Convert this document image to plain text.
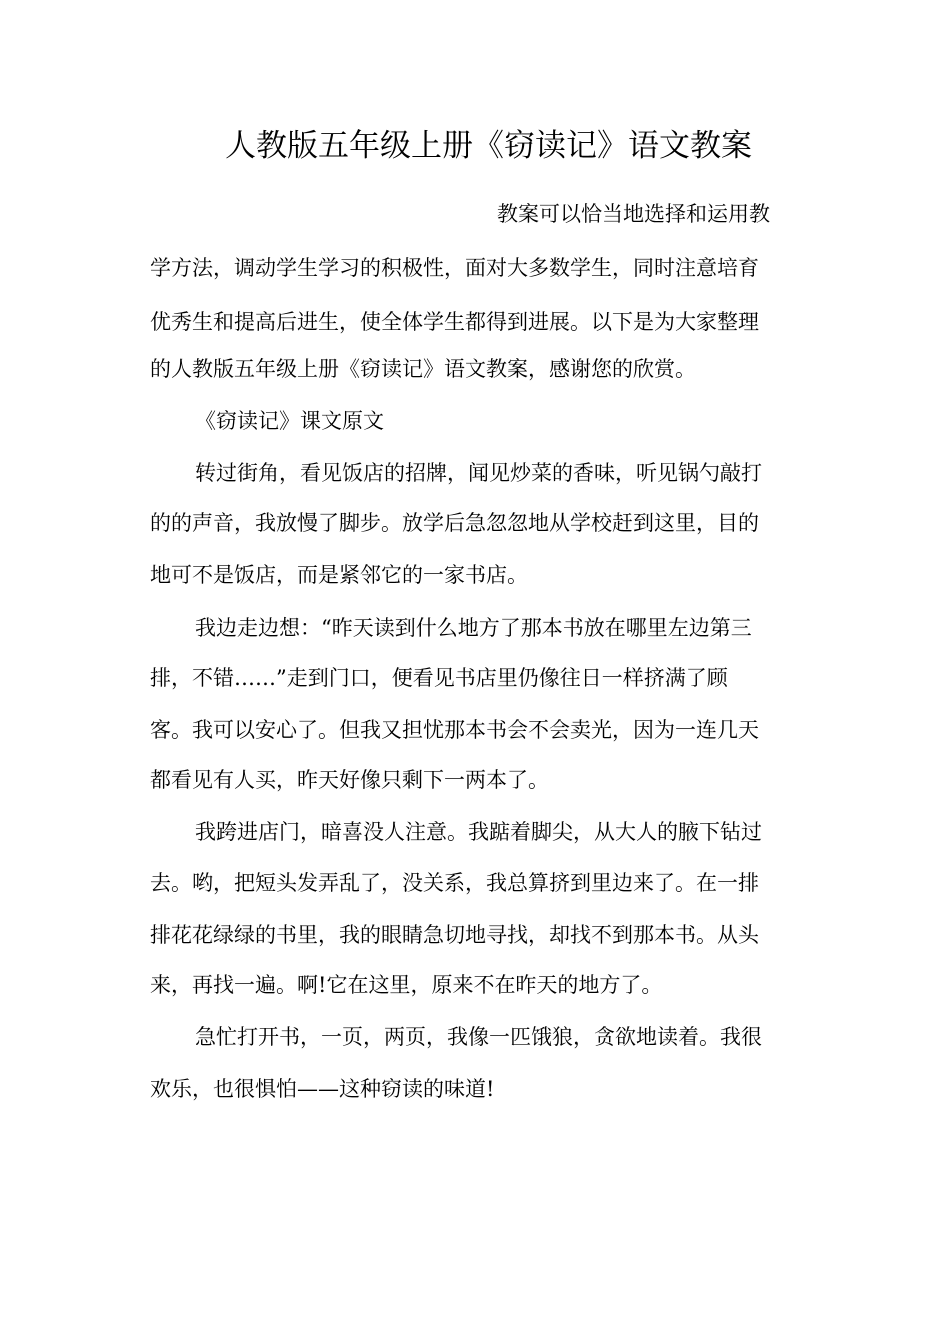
人教版五年级上册《窃读记》语文教案
教案可以恰当地选择和运用教
学方法，调动学生学习的积极性，面对大多数学生，同时注意培育
优秀生和提高后进生，使全体学生都得到进展。以下是为大家整理
的人教版五年级上册《窃读记》语文教案，感谢您的欣赏。
《窃读记》课文原文
转过街角，看见饭店的招牌，闻见炒菜的香味，听见锅勺敲打
的的声音，我放慢了脚步。放学后急忽忽地从学校赶到这里，目的
地可不是饭店，而是紧邻它的一家书店。
我边走边想：“昨天读到什么地方了那本书放在哪里左边第三
排，不错……”走到门口，便看见书店里仍像往日一样挤满了顾
客。我可以安心了。但我又担忧那本书会不会卖光，因为一连几天
都看见有人买，昨天好像只剩下一两本了。
我跨进店门，暗喜没人注意。我踮着脚尖，从大人的腋下钻过
去。哟，把短头发弄乱了，没关系，我总算挤到里边来了。在一排
排花花绿绿的书里，我的眼睛急切地寻找，却找不到那本书。从头
来，再找一遍。啊!它在这里，原来不在昨天的地方了。
急忙打开书，一页，两页，我像一匹饿狼，贪欲地读着。我很
欢乐，也很惧怕——这种窃读的味道!
